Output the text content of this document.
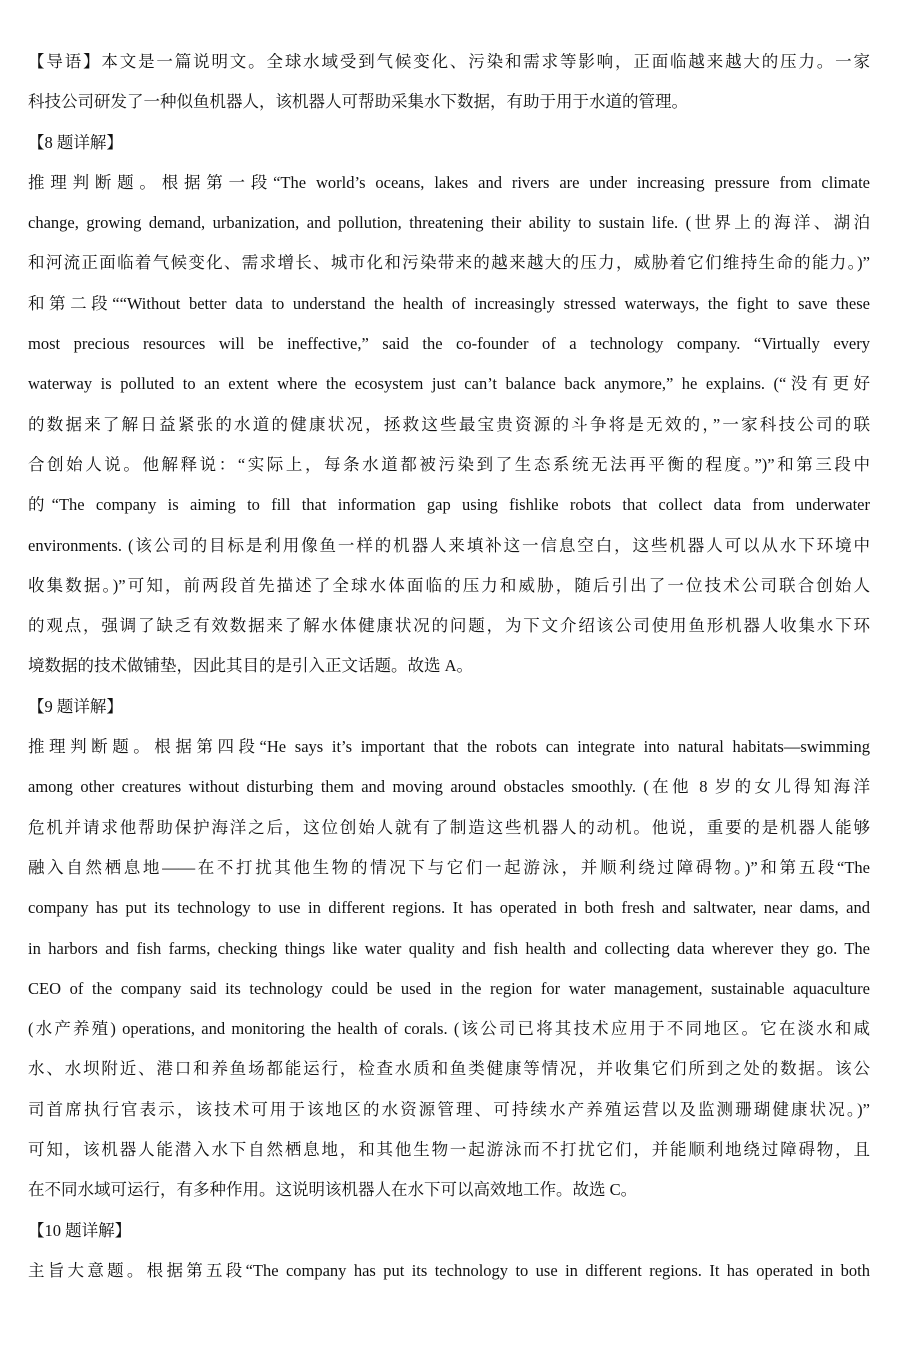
【导语】本文是一篇说明文。全球水域受到气候变化、污染和需求等影响，正面临越来越大的压力。一家
科技公司研发了一种似鱼机器人，该机器人可帮助采集水下数据，有助于用于水道的管理。
【8 题详解】
推理判断题。根据第一段“The world’s oceans, lakes and rivers are under increasing pressure from climate
change, growing demand, urbanization, and pollution, threatening their ability to sustain life. (世界上的海洋、湖泊
和河流正面临着气候变化、需求增长、城市化和污染带来的越来越大的压力，威胁着它们维持生命的能力。)”
和第二段““Without better data to understand the health of increasingly stressed waterways, the fight to save these
most precious resources will be ineffective,” said the co-founder of a technology company. “Virtually every
waterway is polluted to an extent where the ecosystem just can’t balance back anymore,” he explains. (“没有更好
的数据来了解日益紧张的水道的健康状况，拯救这些最宝贵资源的斗争将是无效的，”一家科技公司的联
合创始人说。他解释说：“实际上，每条水道都被污染到了生态系统无法再平衡的程度。”)”和第三段中
的“The company is aiming to fill that information gap using fishlike robots that collect data from underwater
environments. (该公司的目标是利用像鱼一样的机器人来填补这一信息空白，这些机器人可以从水下环境中
收集数据。)”可知，前两段首先描述了全球水体面临的压力和威胁，随后引出了一位技术公司联合创始人
的观点，强调了缺乏有效数据来了解水体健康状况的问题，为下文介绍该公司使用鱼形机器人收集水下环
境数据的技术做铺垫，因此其目的是引入正文话题。故选 A。
【9 题详解】
推理判断题。根据第四段“He says it’s important that the robots can integrate into natural habitats—swimming
among other creatures without disturbing them and moving around obstacles smoothly. (在他 8 岁的女儿得知海洋
危机并请求他帮助保护海洋之后，这位创始人就有了制造这些机器人的动机。他说，重要的是机器人能够
融入自然栖息地——在不打扰其他生物的情况下与它们一起游泳，并顺利绕过障碍物。)”和第五段“The
company has put its technology to use in different regions. It has operated in both fresh and saltwater, near dams, and
in harbors and fish farms, checking things like water quality and fish health and collecting data wherever they go. The
CEO of the company said its technology could be used in the region for water management, sustainable aquaculture
(水产养殖) operations, and monitoring the health of corals. (该公司已将其技术应用于不同地区。它在淡水和咸
水、水坝附近、港口和养鱼场都能运行，检查水质和鱼类健康等情况，并收集它们所到之处的数据。该公
司首席执行官表示，该技术可用于该地区的水资源管理、可持续水产养殖运营以及监测珊瑚健康状况。)”
可知，该机器人能潜入水下自然栖息地，和其他生物一起游泳而不打扰它们，并能顺利地绕过障碍物，且
在不同水域可运行，有多种作用。这说明该机器人在水下可以高效地工作。故选 C。
【10 题详解】
主旨大意题。根据第五段“The company has put its technology to use in different regions. It has operated in both
